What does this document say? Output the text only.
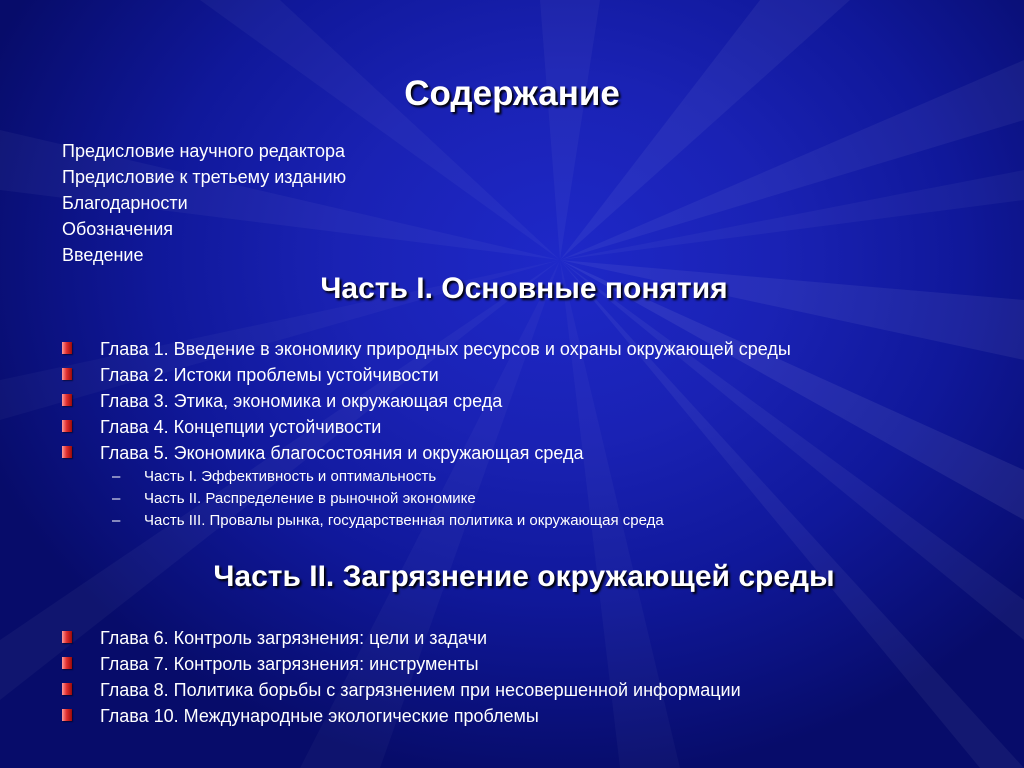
Содержание
Предисловие научного редактора
Предисловие к третьему изданию
Благодарности
Обозначения
Введение
Часть I. Основные понятия
Глава 1. Введение в экономику природных ресурсов и охраны окружающей среды
Глава 2. Истоки проблемы устойчивости
Глава 3. Этика, экономика и окружающая среда
Глава 4. Концепции устойчивости
Глава 5. Экономика благосостояния и окружающая среда
– Часть I. Эффективность и оптимальность
– Часть II. Распределение в рыночной экономике
– Часть III. Провалы рынка, государственная политика и окружающая среда
Часть II. Загрязнение окружающей среды
Глава 6. Контроль загрязнения: цели и задачи
Глава 7. Контроль загрязнения: инструменты
Глава 8. Политика борьбы с загрязнением при несовершенной информации
Глава 10. Международные экологические проблемы
